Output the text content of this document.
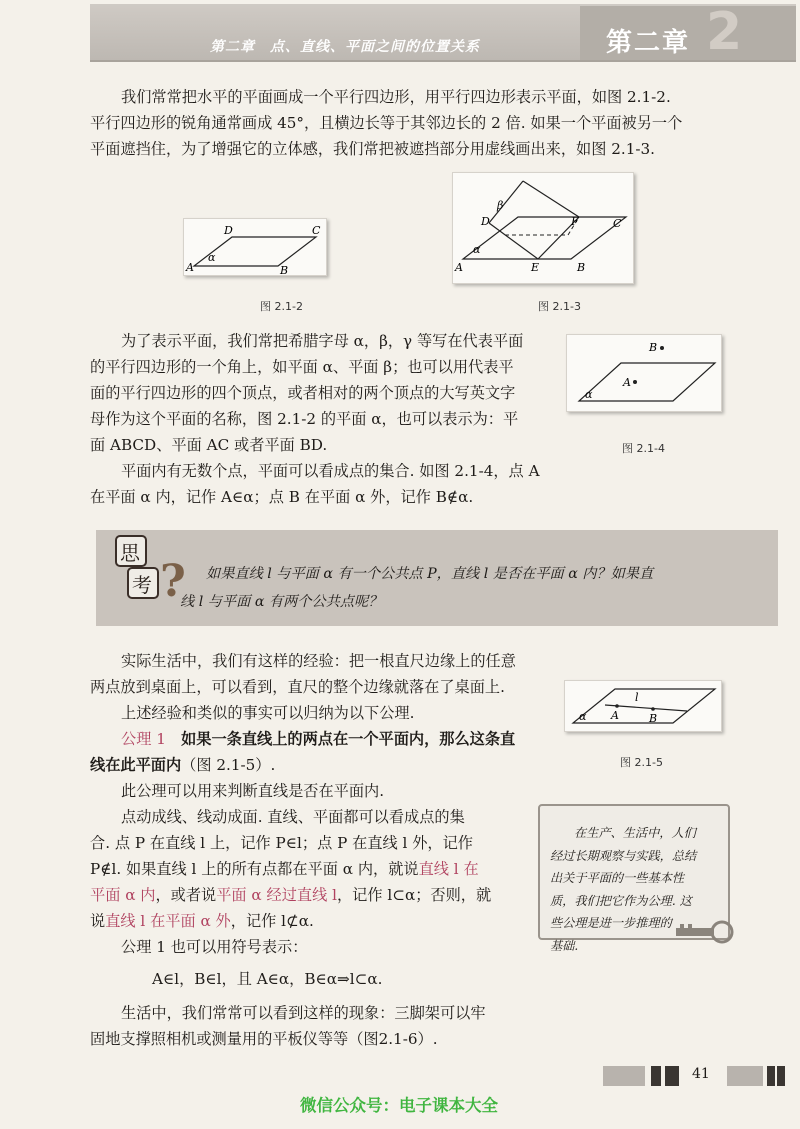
第二章　点、直线、平面之间的位置关系	2
第二章

我们常常把水平的平面画成一个平行四边形，用平行四边形表示平面，如图 2.1-2.

平行四边形的锐角通常画成 45°，且横边长等于其邻边长的 2 倍. 如果一个平面被另一个

平面遮挡住，为了增强它的立体感，我们常把被遮挡部分用虚线画出来，如图 2.1-3.

A	B
C
D
α
图 2.1-2
A	B
C
D
E
F
α
β
图 2.1-3

为了表示平面，我们常把希腊字母 α，β，γ 等写在代表平面

的平行四边形的一个角上，如平面 α、平面 β；也可以用代表平

面的平行四边形的四个顶点，或者相对的两个顶点的大写英文字

母作为这个平面的名称，图 2.1-2 的平面 α，也可以表示为：平

面 ABCD、平面 AC 或者平面 BD.

平面内有无数个点，平面可以看成点的集合. 如图 2.1-4，点 A

在平面 α 内，记作 A∈α；点 B 在平面 α 外，记作 B∉α.

A
B
α
图 2.1-4
?
思
考	如果直线 l 与平面 α 有一个公共点 P，直线 l 是否在平面 α 内？如果直
线 l 与平面 α 有两个公共点呢？

实际生活中，我们有这样的经验：把一根直尺边缘上的任意

两点放到桌面上，可以看到，直尺的整个边缘就落在了桌面上.

上述经验和类似的事实可以归纳为以下公理.

公理 1　 如果一条直线上的两点在一个平面内，那么这条直

线在此平面内（图 2.1-5）.

此公理可以用来判断直线是否在平面内.

A	B
l
α
图 2.1-5

点动成线、线动成面. 直线、平面都可以看成点的集

合. 点 P 在直线 l 上，记作 P∈l；点 P 在直线 l 外，记作

P∉l. 如果直线 l 上的所有点都在平面 α 内，就说直线 l 在

平面 α 内，或者说平面 α 经过直线 l，记作 l⊂α；否则，就

说直线 l 在平面 α 外，记作 l⊄α.

公理 1 也可以用符号表示：

A∈l，B∈l，且 A∈α，B∈α⇒l⊂α.

生活中，我们常常可以看到这样的现象：三脚架可以牢

固地支撑照相机或测量用的平板仪等等（图2.1-6）.

在生产、生活中，人们
经过长期观察与实践，总结
出关于平面的一些基本性
质，我们把它作为公理. 这
些公理是进一步推理的
基础.
41
微信公众号：电子课本大全
